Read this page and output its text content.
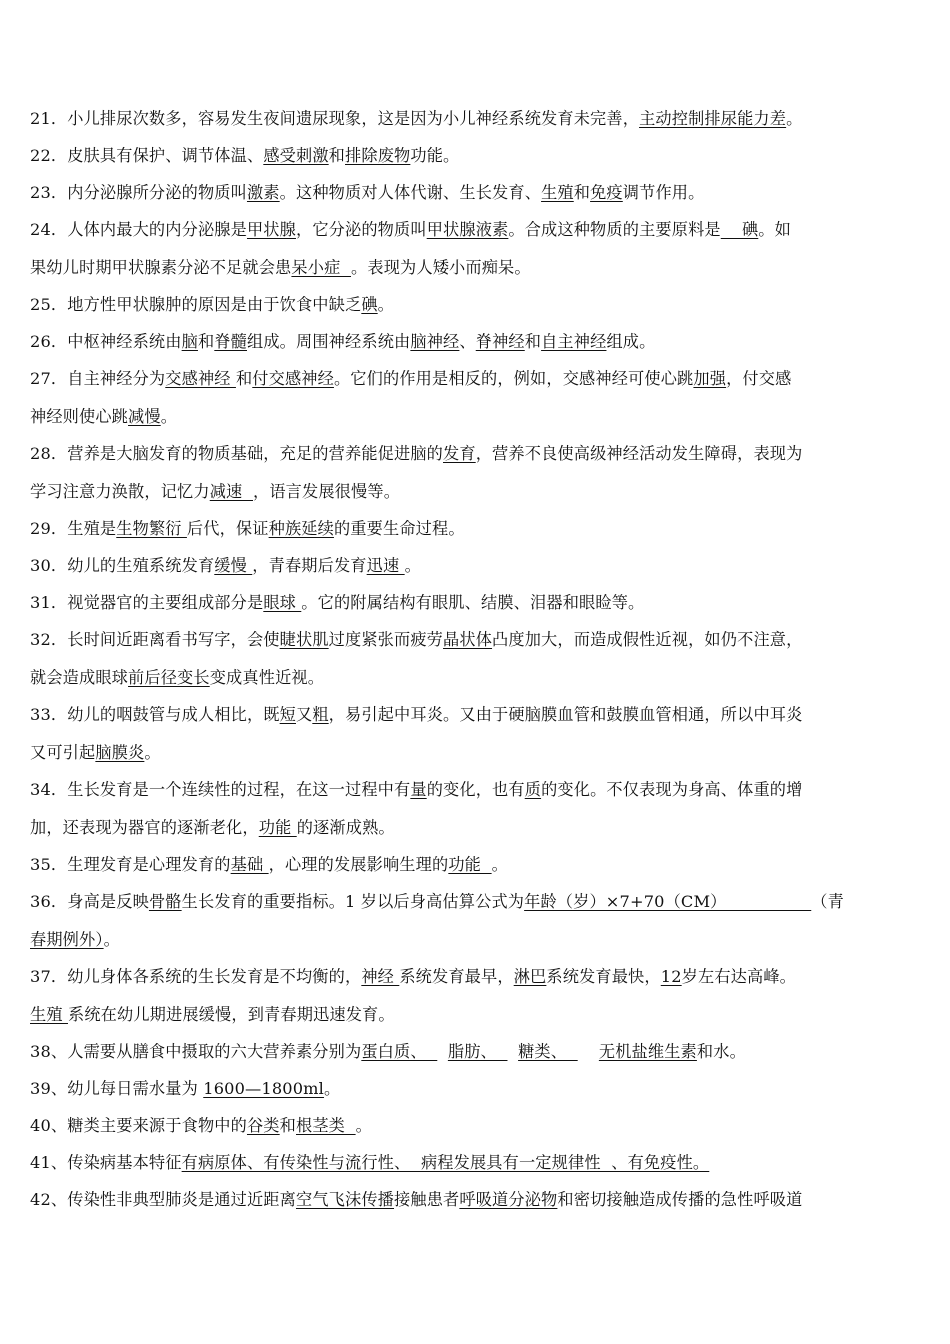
21．小儿排尿次数多，容易发生夜间遗尿现象，这是因为小儿神经系统发育未完善，主动控制排尿能力差。
22．皮肤具有保护、调节体温、感受刺激和排除废物功能。
23．内分泌腺所分泌的物质叫激素。这种物质对人体代谢、生长发育、生殖和免疫调节作用。
24．人体内最大的内分泌腺是甲状腺，它分泌的物质叫甲状腺液素。合成这种物质的主要原料是    碘。如
果幼儿时期甲状腺素分泌不足就会患呆小症  。表现为人矮小而痴呆。
25．地方性甲状腺肿的原因是由于饮食中缺乏碘。
26．中枢神经系统由脑和脊髓组成。周围神经系统由脑神经、脊神经和自主神经组成。
27．自主神经分为交感神经 和付交感神经。它们的作用是相反的，例如，交感神经可使心跳加强，付交感
神经则使心跳减慢。
28．营养是大脑发育的物质基础，充足的营养能促进脑的发育，营养不良使高级神经活动发生障碍，表现为
学习注意力涣散，记忆力减速  ，语言发展很慢等。
29．生殖是生物繁衍 后代，保证种族延续的重要生命过程。
30．幼儿的生殖系统发育缓慢 ，青春期后发育迅速 。
31．视觉器官的主要组成部分是眼球 。它的附属结构有眼肌、结膜、泪器和眼睑等。
32．长时间近距离看书写字，会使睫状肌过度紧张而疲劳晶状体凸度加大，而造成假性近视，如仍不注意，
就会造成眼球前后径变长变成真性近视。
33．幼儿的咽鼓管与成人相比，既短又粗，易引起中耳炎。又由于硬脑膜血管和鼓膜血管相通，所以中耳炎
又可引起脑膜炎。
34．生长发育是一个连续性的过程，在这一过程中有量的变化，也有质的变化。不仅表现为身高、体重的增
加，还表现为器官的逐渐老化，功能 的逐渐成熟。
35．生理发育是心理发育的基础 ，心理的发展影响生理的功能  。
36．身高是反映骨骼生长发育的重要指标。1 岁以后身高估算公式为年龄（岁）×7+70（CM）                （青
春期例外）。
37．幼儿身体各系统的生长发育是不均衡的，神经 系统发育最早，淋巴系统发育最快，12岁左右达高峰。
生殖 系统在幼儿期进展缓慢，到青春期迅速发育。
38、人需要从膳食中摄取的六大营养素分别为蛋白质、    脂肪、    糖类、      无机盐维生素和水。
39、幼儿每日需水量为 1600—1800ml。
40、糖类主要来源于食物中的谷类和根茎类  。
41、传染病基本特征有病原体、有传染性与流行性、  病程发展具有一定规律性  、有免疫性。
42、传染性非典型肺炎是通过近距离空气飞沫传播接触患者呼吸道分泌物和密切接触造成传播的急性呼吸道
